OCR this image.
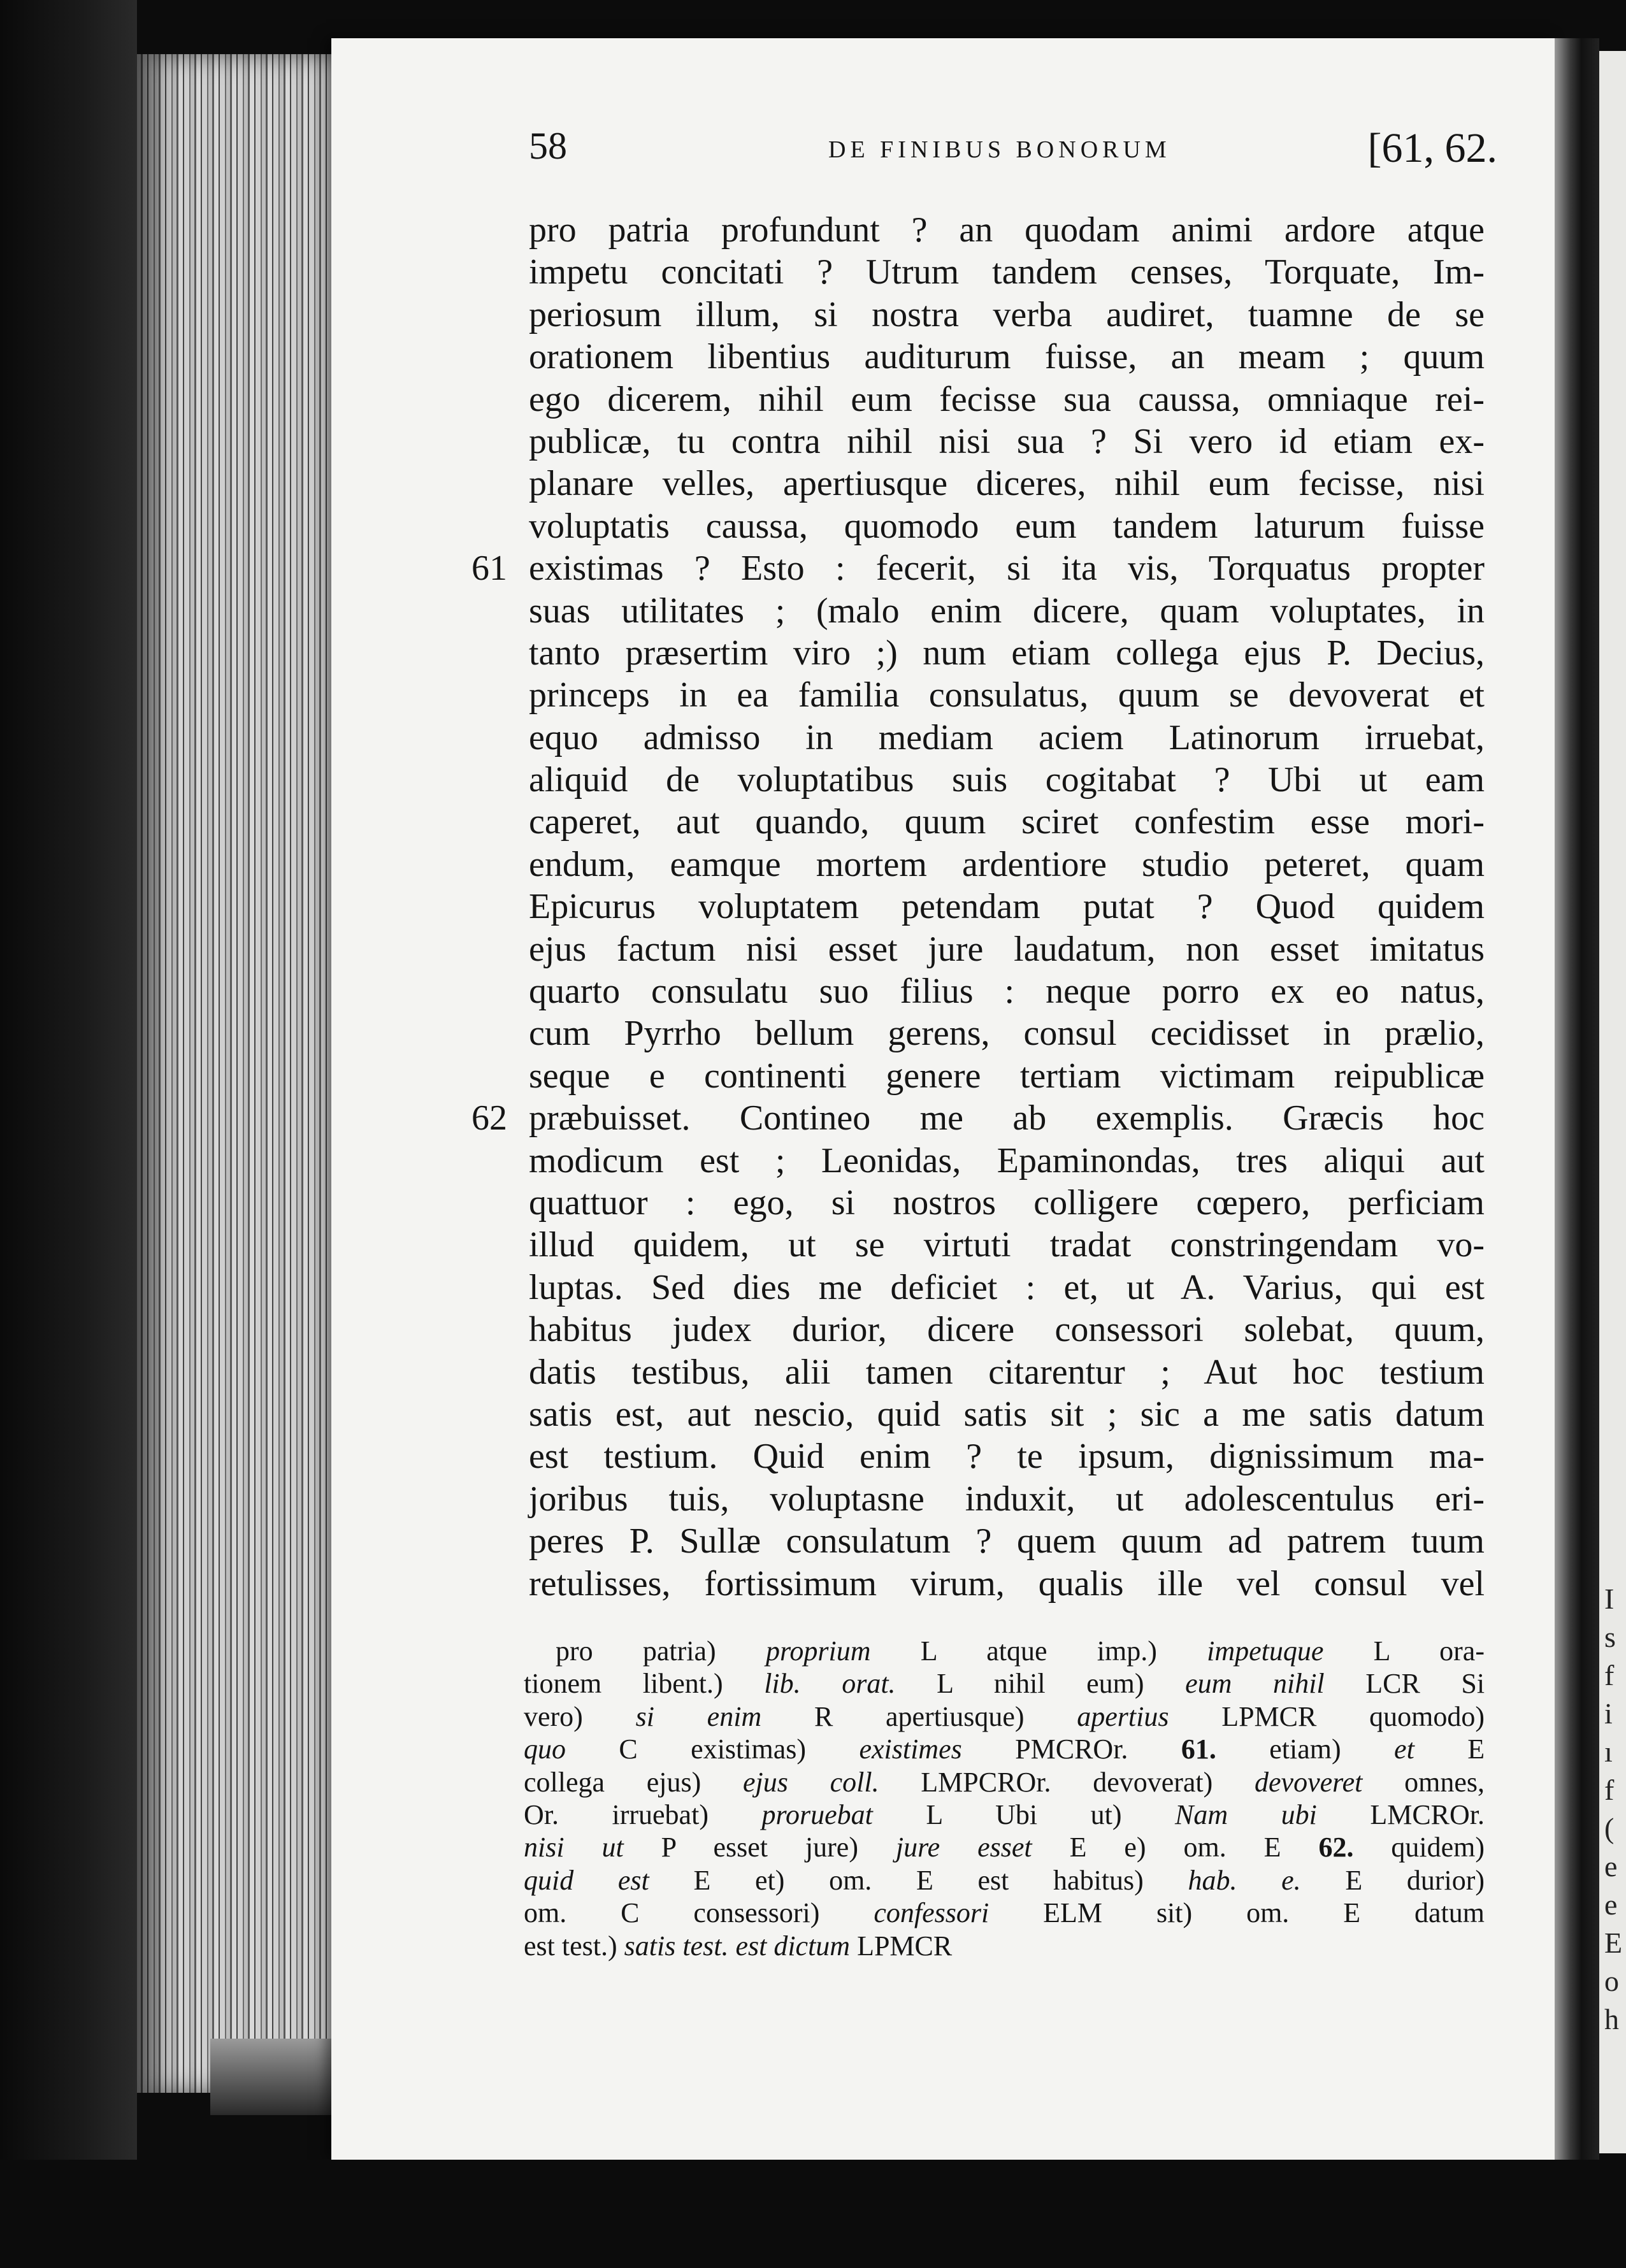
I
s
f
i
ı
f
(
e
e
E
o
h
58	DE FINIBUS BONORUM	[61, 62.
61
62
pro patria profundunt ? an quodam animi ardore atque
impetu concitati ? Utrum tandem censes, Torquate, Im-
periosum illum, si nostra verba audiret, tuamne de se
orationem libentius auditurum fuisse, an meam ; quum
ego dicerem, nihil eum fecisse sua caussa, omniaque rei-
publicæ, tu contra nihil nisi sua ? Si vero id etiam ex-
planare velles, apertiusque diceres, nihil eum fecisse, nisi
voluptatis caussa, quomodo eum tandem laturum fuisse
existimas ? Esto : fecerit, si ita vis, Torquatus propter
suas utilitates ; (malo enim dicere, quam voluptates, in
tanto præsertim viro ;) num etiam collega ejus P. Decius,
princeps in ea familia consulatus, quum se devoverat et
equo admisso in mediam aciem Latinorum irruebat,
aliquid de voluptatibus suis cogitabat ? Ubi ut eam
caperet, aut quando, quum sciret confestim esse mori-
endum, eamque mortem ardentiore studio peteret, quam
Epicurus voluptatem petendam putat ? Quod quidem
ejus factum nisi esset jure laudatum, non esset imitatus
quarto consulatu suo filius : neque porro ex eo natus,
cum Pyrrho bellum gerens, consul cecidisset in prælio,
seque e continenti genere tertiam victimam reipublicæ
præbuisset. Contineo me ab exemplis. Græcis hoc
modicum est ; Leonidas, Epaminondas, tres aliqui aut
quattuor : ego, si nostros colligere cœpero, perficiam
illud quidem, ut se virtuti tradat constringendam vo-
luptas. Sed dies me deficiet : et, ut A. Varius, qui est
habitus judex durior, dicere consessori solebat, quum,
datis testibus, alii tamen citarentur ; Aut hoc testium
satis est, aut nescio, quid satis sit ; sic a me satis datum
est testium. Quid enim ? te ipsum, dignissimum ma-
joribus tuis, voluptasne induxit, ut adolescentulus eri-
peres P. Sullæ consulatum ? quem quum ad patrem tuum
retulisses, fortissimum virum, qualis ille vel consul vel
pro patria) proprium L atque imp.) impetuque L ora-
tionem libent.) lib. orat. L nihil eum) eum nihil LCR Si
vero) si enim R apertiusque) apertius LPMCR quomodo)
quo C existimas) existimes PMCROr. 61. etiam) et E
collega ejus) ejus coll. LMPCROr. devoverat) devoveret omnes,
Or. irruebat) proruebat L Ubi ut) Nam ubi LMCROr.
nisi ut P esset jure) jure esset E e) om. E 62. quidem)
quid est E et) om. E est habitus) hab. e. E durior)
om. C consessori) confessori ELM sit) om. E datum
est test.) satis test. est dictum LPMCR
